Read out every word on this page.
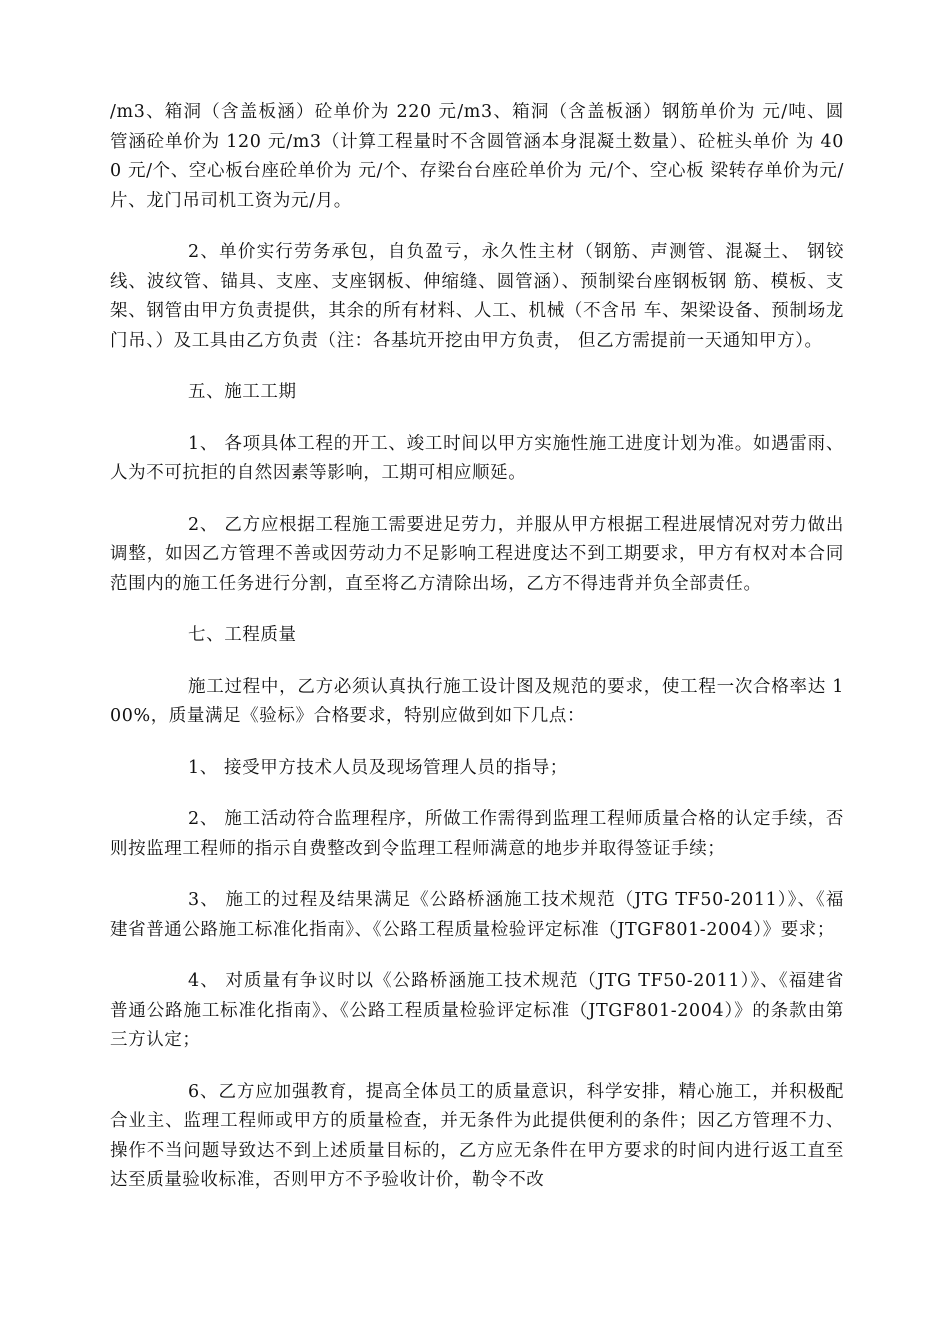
/m3、箱洞（含盖板涵）砼单价为 220 元/m3、箱洞（含盖板涵）钢筋单价为 元/吨、圆 管涵砼单价为 120 元/m3（计算工程量时不含圆管涵本身混凝土数量）、砼桩头单价 为 400 元/个、空心板台座砼单价为 元/个、存梁台台座砼单价为 元/个、空心板 梁转存单价为元/片、龙门吊司机工资为元/月。

2、单价实行劳务承包，自负盈亏，永久性主材（钢筋、声测管、混凝土、 钢铰线、波纹管、锚具、支座、支座钢板、伸缩缝、圆管涵）、预制梁台座钢板钢 筋、模板、支架、钢管由甲方负责提供，其余的所有材料、人工、机械（不含吊 车、架梁设备、预制场龙门吊、）及工具由乙方负责（注：各基坑开挖由甲方负责， 但乙方需提前一天通知甲方）。

五、施工工期

1、 各项具体工程的开工、竣工时间以甲方实施性施工进度计划为准。如遇雷雨、人为不可抗拒的自然因素等影响，工期可相应顺延。

2、 乙方应根据工程施工需要进足劳力，并服从甲方根据工程进展情况对劳力做出调整，如因乙方管理不善或因劳动力不足影响工程进度达不到工期要求，甲方有权对本合同范围内的施工任务进行分割，直至将乙方清除出场，乙方不得违背并负全部责任。

七、工程质量

施工过程中，乙方必须认真执行施工设计图及规范的要求，使工程一次合格率达 100%，质量满足《验标》合格要求，特别应做到如下几点：

1、 接受甲方技术人员及现场管理人员的指导；

2、 施工活动符合监理程序，所做工作需得到监理工程师质量合格的认定手续，否则按监理工程师的指示自费整改到令监理工程师满意的地步并取得签证手续；

3、 施工的过程及结果满足《公路桥涵施工技术规范（JTG TF50-2011）》、《福建省普通公路施工标准化指南》、《公路工程质量检验评定标准（JTGF801-2004）》要求；

4、 对质量有争议时以《公路桥涵施工技术规范（JTG TF50-2011）》、《福建省普通公路施工标准化指南》、《公路工程质量检验评定标准（JTGF801-2004）》的条款由第三方认定；

6、乙方应加强教育，提高全体员工的质量意识，科学安排，精心施工，并积极配合业主、监理工程师或甲方的质量检查，并无条件为此提供便利的条件；因乙方管理不力、操作不当问题导致达不到上述质量目标的，乙方应无条件在甲方要求的时间内进行返工直至达至质量验收标准，否则甲方不予验收计价，勒令不改
